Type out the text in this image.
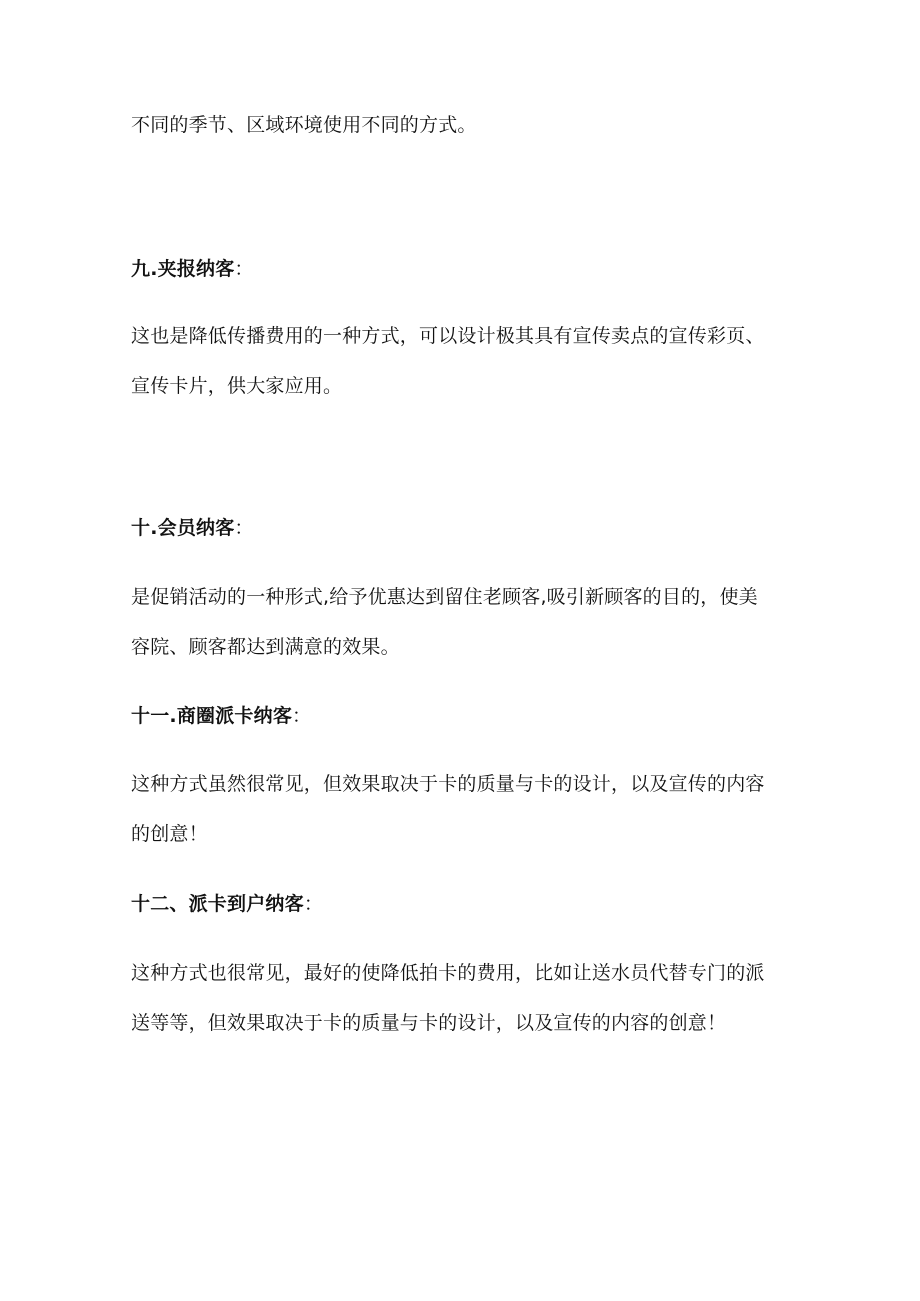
不同的季节、区域环境使用不同的方式。
九.夹报纳客：
这也是降低传播费用的一种方式，可以设计极其具有宣传卖点的宣传彩页、
宣传卡片，供大家应用。
十.会员纳客：
是促销活动的一种形式,给予优惠达到留住老顾客,吸引新顾客的目的，使美
容院、顾客都达到满意的效果。
十一.商圈派卡纳客：
这种方式虽然很常见，但效果取决于卡的质量与卡的设计，以及宣传的内容
的创意！
十二、派卡到户纳客：
这种方式也很常见，最好的使降低拍卡的费用，比如让送水员代替专门的派
送等等，但效果取决于卡的质量与卡的设计，以及宣传的内容的创意！
